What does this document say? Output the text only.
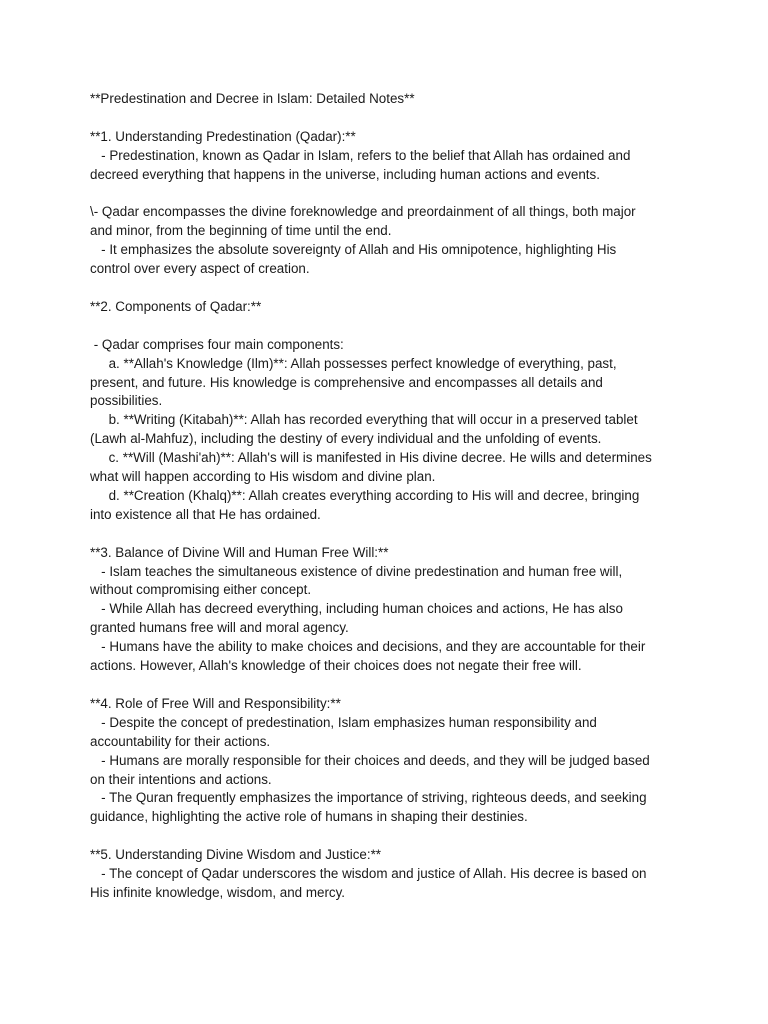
**Predestination and Decree in Islam: Detailed Notes**
**1. Understanding Predestination (Qadar):**
- Predestination, known as Qadar in Islam, refers to the belief that Allah has ordained and
decreed everything that happens in the universe, including human actions and events.
\- Qadar encompasses the divine foreknowledge and preordainment of all things, both major
and minor, from the beginning of time until the end.
- It emphasizes the absolute sovereignty of Allah and His omnipotence, highlighting His
control over every aspect of creation.
**2. Components of Qadar:**
- Qadar comprises four main components:
a. **Allah's Knowledge (Ilm)**: Allah possesses perfect knowledge of everything, past,
present, and future. His knowledge is comprehensive and encompasses all details and
possibilities.
b. **Writing (Kitabah)**: Allah has recorded everything that will occur in a preserved tablet
(Lawh al-Mahfuz), including the destiny of every individual and the unfolding of events.
c. **Will (Mashi'ah)**: Allah's will is manifested in His divine decree. He wills and determines
what will happen according to His wisdom and divine plan.
d. **Creation (Khalq)**: Allah creates everything according to His will and decree, bringing
into existence all that He has ordained.
**3. Balance of Divine Will and Human Free Will:**
- Islam teaches the simultaneous existence of divine predestination and human free will,
without compromising either concept.
- While Allah has decreed everything, including human choices and actions, He has also
granted humans free will and moral agency.
- Humans have the ability to make choices and decisions, and they are accountable for their
actions. However, Allah's knowledge of their choices does not negate their free will.
**4. Role of Free Will and Responsibility:**
- Despite the concept of predestination, Islam emphasizes human responsibility and
accountability for their actions.
- Humans are morally responsible for their choices and deeds, and they will be judged based
on their intentions and actions.
- The Quran frequently emphasizes the importance of striving, righteous deeds, and seeking
guidance, highlighting the active role of humans in shaping their destinies.
**5. Understanding Divine Wisdom and Justice:**
- The concept of Qadar underscores the wisdom and justice of Allah. His decree is based on
His infinite knowledge, wisdom, and mercy.
